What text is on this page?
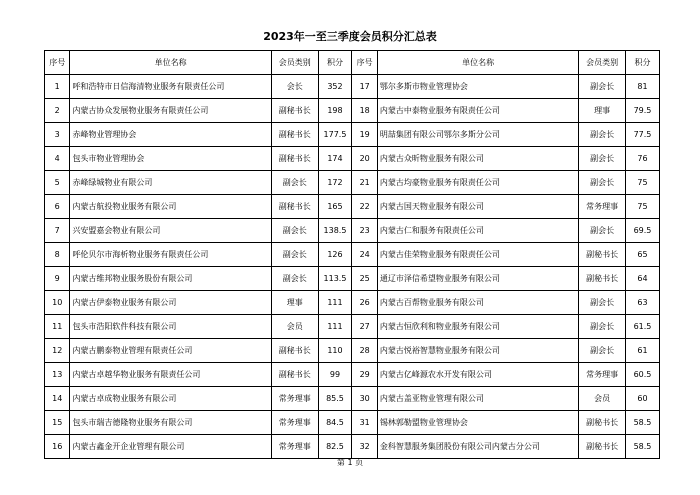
2023年一至三季度会员积分汇总表
序号	单位名称	会员类别	积分	序号	单位名称	会员类别	积分
1	呼和浩特市日信海清物业服务有限责任公司	会长	352	17	鄂尔多斯市物业管理协会	副会长	81
2	内蒙古协众发展物业服务有限责任公司	副秘书长	198	18	内蒙古中泰物业服务有限责任公司	理事	79.5
3	赤峰物业管理协会	副秘书长	177.5	19	明喆集团有限公司鄂尔多斯分公司	副会长	77.5
4	包头市物业管理协会	副秘书长	174	20	内蒙古众昕物业服务有限公司	副会长	76
5	赤峰绿城物业有限公司	副会长	172	21	内蒙古均豪物业服务有限责任公司	副会长	75
6	内蒙古航投物业服务有限公司	副秘书长	165	22	内蒙古国天物业服务有限公司	常务理事	75
7	兴安盟嘉会物业有限公司	副会长	138.5	23	内蒙古仁和服务有限责任公司	副会长	69.5
8	呼伦贝尔市海析物业服务有限责任公司	副会长	126	24	内蒙古佳荣物业服务有限责任公司	副秘书长	65
9	内蒙古维邦物业服务股份有限公司	副会长	113.5	25	通辽市泽信希望物业服务有限公司	副秘书长	64
10	内蒙古伊泰物业服务有限公司	理事	111	26	内蒙古百帮物业服务有限公司	副会长	63
11	包头市浩阳软件科技有限公司	会员	111	27	内蒙古恒欣利和物业服务有限公司	副会长	61.5
12	内蒙古鹏泰物业管理有限责任公司	副秘书长	110	28	内蒙古悦裕智慧物业服务有限公司	副会长	61
13	内蒙古卓越华物业服务有限责任公司	副秘书长	99	29	内蒙古亿峰源农水开发有限公司	常务理事	60.5
14	内蒙古卓成物业服务有限公司	常务理事	85.5	30	内蒙古盖亚物业管理有限公司	会员	60
15	包头市瑞吉德隆物业服务有限公司	常务理事	84.5	31	锡林郭勒盟物业管理协会	副秘书长	58.5
16	内蒙古鑫金开企业管理有限公司	常务理事	82.5	32	金科智慧服务集团股份有限公司内蒙古分公司	副秘书长	58.5
第 1 页
